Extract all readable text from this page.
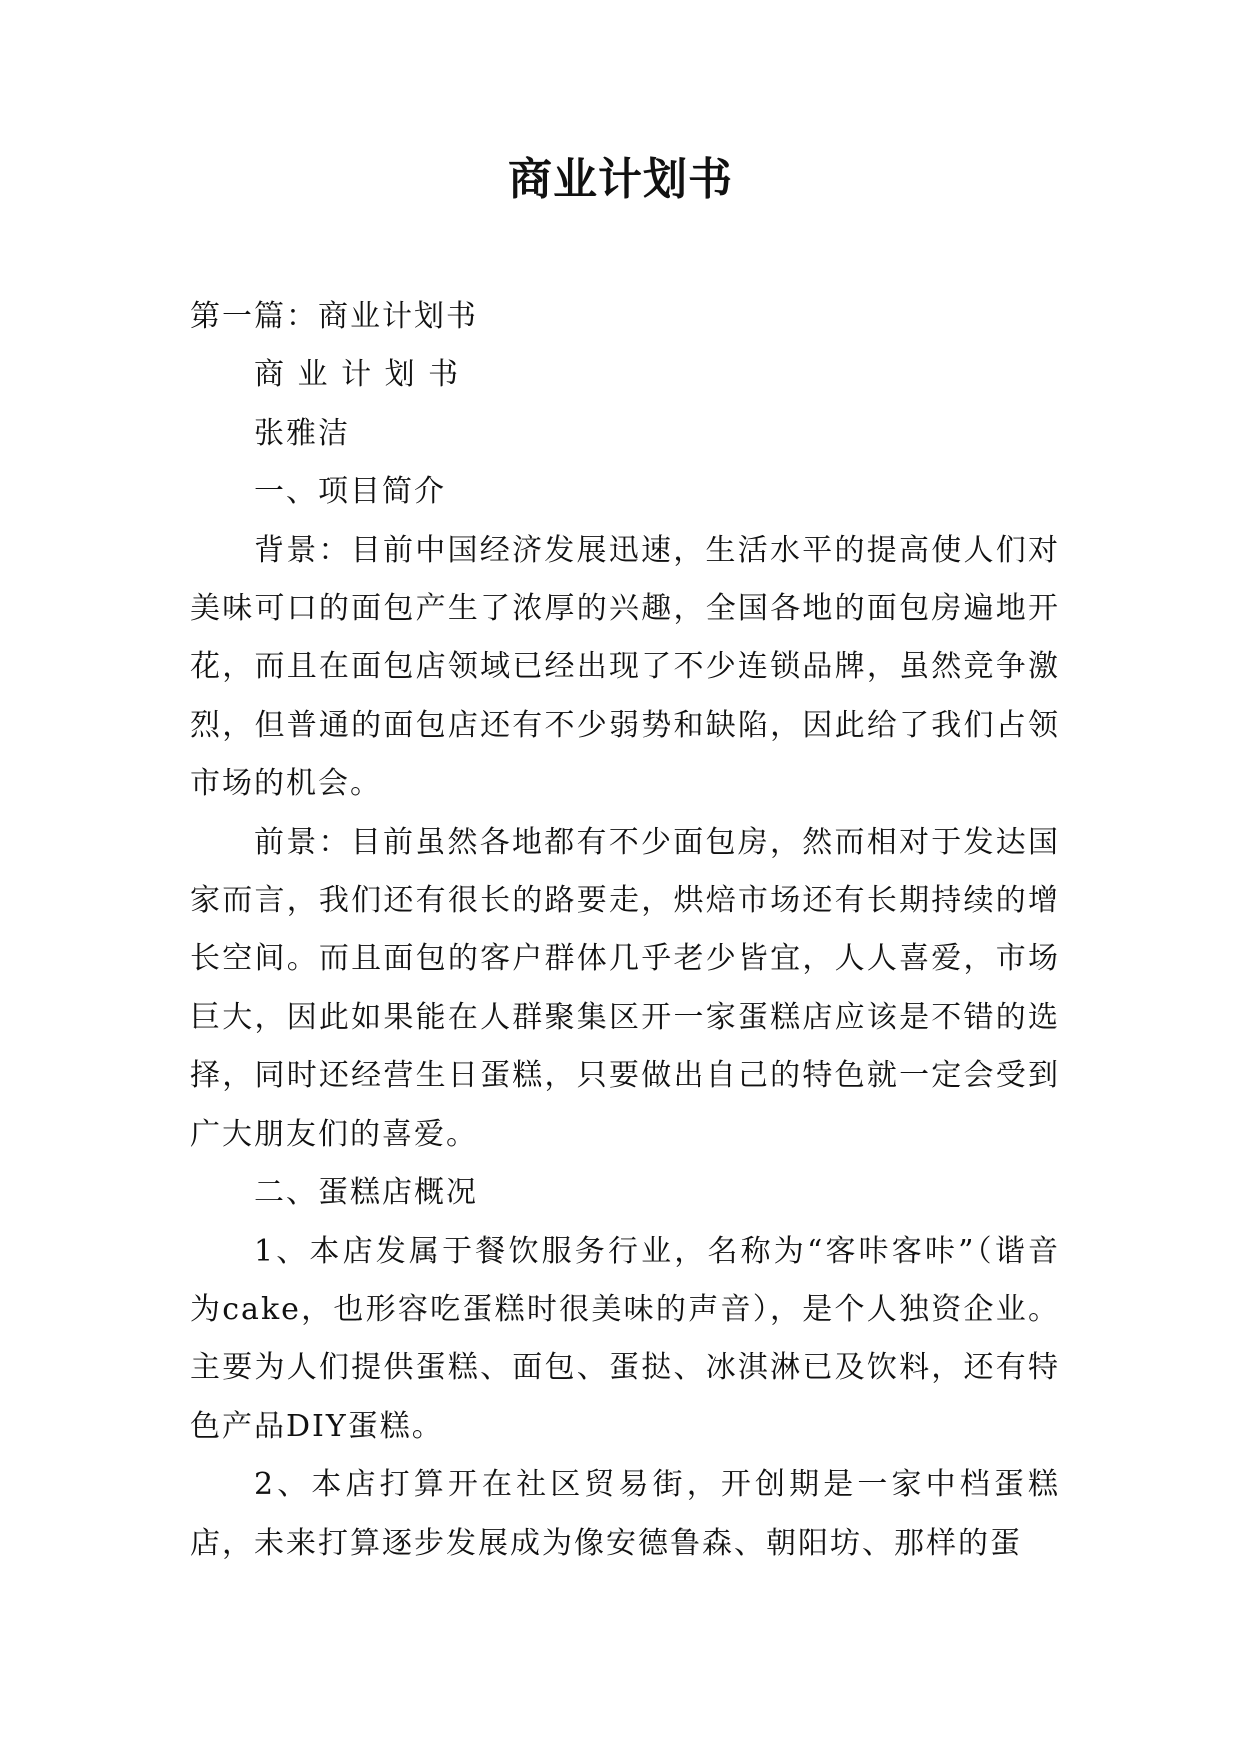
商业计划书

第一篇：商业计划书

商 业 计 划 书

张雅洁

一、项目简介

背景：目前中国经济发展迅速，生活水平的提高使人们对美味可口的面包产生了浓厚的兴趣，全国各地的面包房遍地开花，而且在面包店领域已经出现了不少连锁品牌，虽然竞争激烈，但普通的面包店还有不少弱势和缺陷，因此给了我们占领市场的机会。

前景：目前虽然各地都有不少面包房，然而相对于发达国家而言，我们还有很长的路要走，烘焙市场还有长期持续的增长空间。而且面包的客户群体几乎老少皆宜，人人喜爱，市场巨大，因此如果能在人群聚集区开一家蛋糕店应该是不错的选择，同时还经营生日蛋糕，只要做出自己的特色就一定会受到广大朋友们的喜爱。

二、蛋糕店概况

1、本店发属于餐饮服务行业，名称为“客咔客咔”（谐音为cake，也形容吃蛋糕时很美味的声音），是个人独资企业。主要为人们提供蛋糕、面包、蛋挞、冰淇淋已及饮料，还有特色产品DIY蛋糕。

2、本店打算开在社区贸易街，开创期是一家中档蛋糕店，未来打算逐步发展成为像安德鲁森、朝阳坊、那样的蛋
